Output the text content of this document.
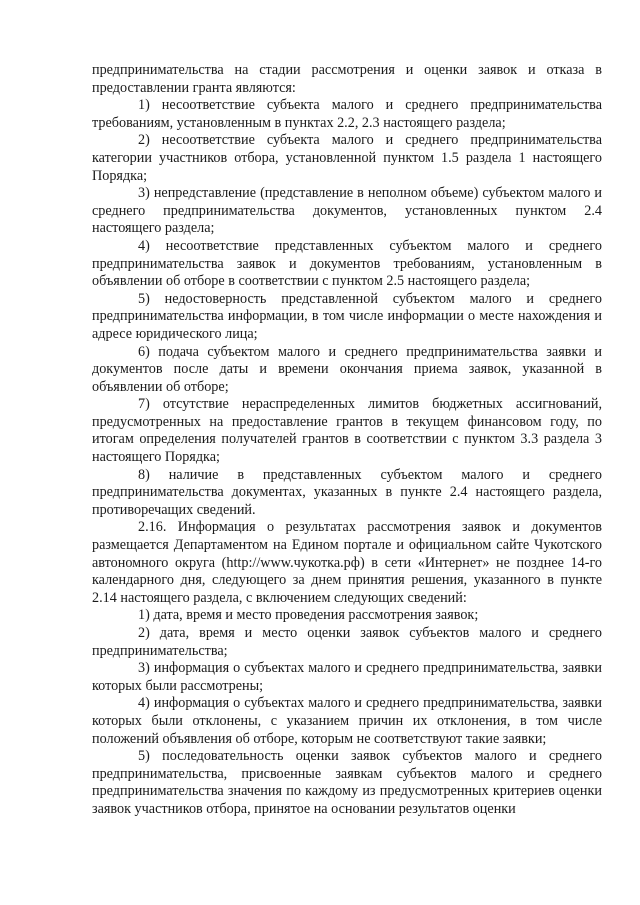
предпринимательства на стадии рассмотрения и оценки заявок и отказа в предоставлении гранта являются:

1) несоответствие субъекта малого и среднего предпринимательства требованиям, установленным в пунктах 2.2, 2.3 настоящего раздела;

2) несоответствие субъекта малого и среднего предпринимательства категории участников отбора, установленной пунктом 1.5 раздела 1 настоящего Порядка;

3) непредставление (представление в неполном объеме) субъектом малого и среднего предпринимательства документов, установленных пунктом 2.4 настоящего раздела;

4) несоответствие представленных субъектом малого и среднего предпринимательства заявок и документов требованиям, установленным в объявлении об отборе в соответствии с пунктом 2.5 настоящего раздела;

5) недостоверность представленной субъектом малого и среднего предпринимательства информации, в том числе информации о месте нахождения и адресе юридического лица;

6) подача субъектом малого и среднего предпринимательства заявки и документов после даты и времени окончания приема заявок, указанной в объявлении об отборе;

7) отсутствие нераспределенных лимитов бюджетных ассигнований, предусмотренных на предоставление грантов в текущем финансовом году, по итогам определения получателей грантов в соответствии с пунктом 3.3 раздела 3 настоящего Порядка;

8) наличие в представленных субъектом малого и среднего предпринимательства документах, указанных в пункте 2.4 настоящего раздела, противоречащих сведений.

2.16. Информация о результатах рассмотрения заявок и документов размещается Департаментом на Едином портале и официальном сайте Чукотского автономного округа (http://www.чукотка.рф) в сети «Интернет» не позднее 14-го календарного дня, следующего за днем принятия решения, указанного в пункте 2.14 настоящего раздела, с включением следующих сведений:

1) дата, время и место проведения рассмотрения заявок;

2) дата, время и место оценки заявок субъектов малого и среднего предпринимательства;

3) информация о субъектах малого и среднего предпринимательства, заявки которых были рассмотрены;

4) информация о субъектах малого и среднего предпринимательства, заявки которых были отклонены, с указанием причин их отклонения, в том числе положений объявления об отборе, которым не соответствуют такие заявки;

5) последовательность оценки заявок субъектов малого и среднего предпринимательства, присвоенные заявкам субъектов малого и среднего предпринимательства значения по каждому из предусмотренных критериев оценки заявок участников отбора, принятое на основании результатов оценки
